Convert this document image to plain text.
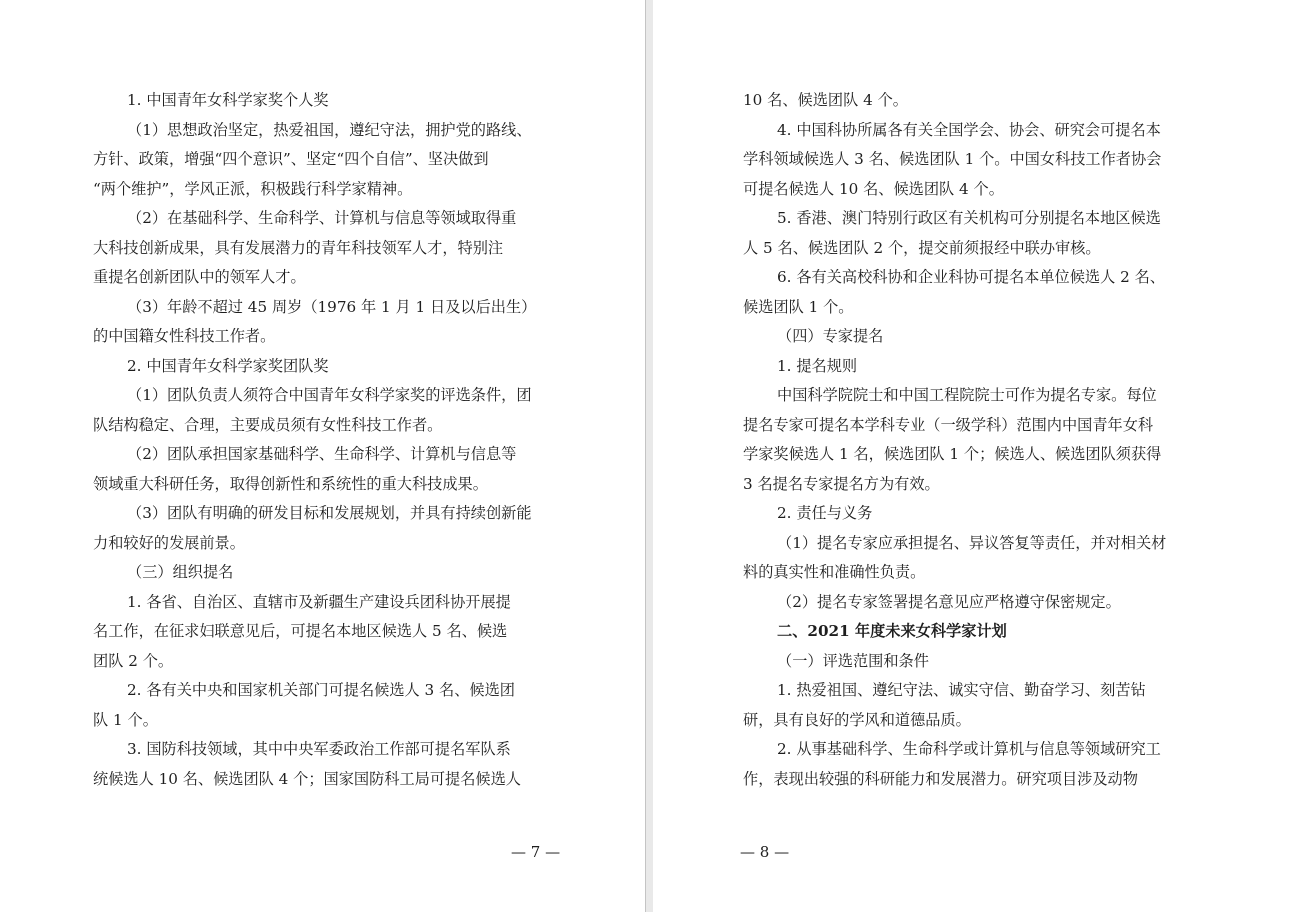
1. 中国青年女科学家奖个人奖
（1）思想政治坚定，热爱祖国，遵纪守法，拥护党的路线、
方针、政策，增强“四个意识”、坚定“四个自信”、坚决做到
“两个维护”，学风正派，积极践行科学家精神。
（2）在基础科学、生命科学、计算机与信息等领域取得重
大科技创新成果，具有发展潜力的青年科技领军人才，特别注
重提名创新团队中的领军人才。
（3）年龄不超过 45 周岁（1976 年 1 月 1 日及以后出生）
的中国籍女性科技工作者。
2. 中国青年女科学家奖团队奖
（1）团队负责人须符合中国青年女科学家奖的评选条件，团
队结构稳定、合理，主要成员须有女性科技工作者。
（2）团队承担国家基础科学、生命科学、计算机与信息等
领域重大科研任务，取得创新性和系统性的重大科技成果。
（3）团队有明确的研发目标和发展规划，并具有持续创新能
力和较好的发展前景。
（三）组织提名
1. 各省、自治区、直辖市及新疆生产建设兵团科协开展提
名工作，在征求妇联意见后，可提名本地区候选人 5 名、候选
团队 2 个。
2. 各有关中央和国家机关部门可提名候选人 3 名、候选团
队 1 个。
3. 国防科技领域，其中中央军委政治工作部可提名军队系
统候选人 10 名、候选团队 4 个；国家国防科工局可提名候选人
— 7 —
10 名、候选团队 4 个。
4. 中国科协所属各有关全国学会、协会、研究会可提名本
学科领域候选人 3 名、候选团队 1 个。中国女科技工作者协会
可提名候选人 10 名、候选团队 4 个。
5. 香港、澳门特别行政区有关机构可分别提名本地区候选
人 5 名、候选团队 2 个，提交前须报经中联办审核。
6. 各有关高校科协和企业科协可提名本单位候选人 2 名、
候选团队 1 个。
（四）专家提名
1. 提名规则
中国科学院院士和中国工程院院士可作为提名专家。每位
提名专家可提名本学科专业（一级学科）范围内中国青年女科
学家奖候选人 1 名，候选团队 1 个；候选人、候选团队须获得
3 名提名专家提名方为有效。
2. 责任与义务
（1）提名专家应承担提名、异议答复等责任，并对相关材
料的真实性和准确性负责。
（2）提名专家签署提名意见应严格遵守保密规定。
二、2021 年度未来女科学家计划
（一）评选范围和条件
1. 热爱祖国、遵纪守法、诚实守信、勤奋学习、刻苦钻
研，具有良好的学风和道德品质。
2. 从事基础科学、生命科学或计算机与信息等领域研究工
作，表现出较强的科研能力和发展潜力。研究项目涉及动物
— 8 —
